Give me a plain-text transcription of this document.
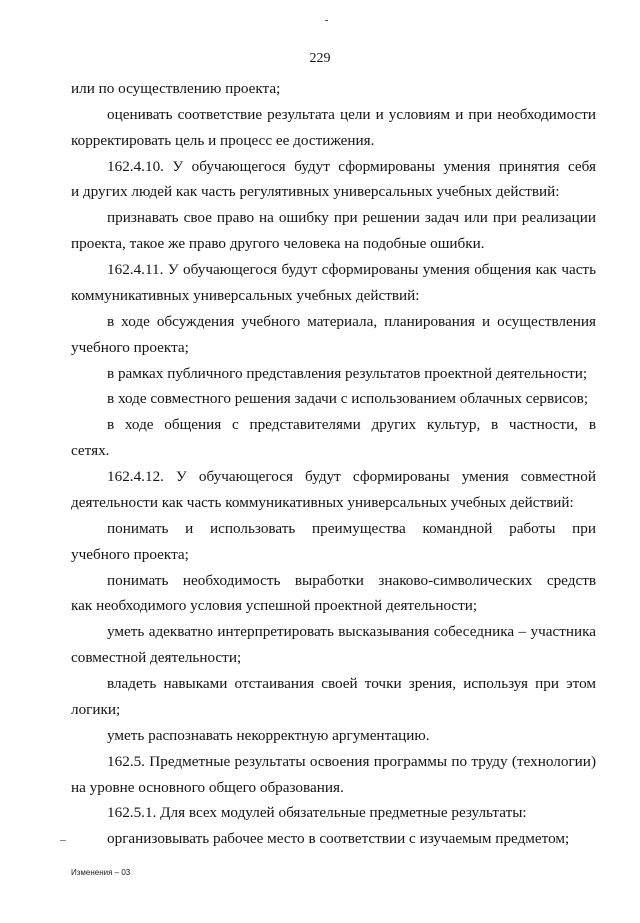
229
или по осуществлению проекта;
оценивать соответствие результата цели и условиям и при необходимости
корректировать цель и процесс ее достижения.
162.4.10. У обучающегося будут сформированы умения принятия себя
и других людей как часть регулятивных универсальных учебных действий:
признавать свое право на ошибку при решении задач или при реализации
проекта, такое же право другого человека на подобные ошибки.
162.4.11. У обучающегося будут сформированы умения общения как часть
коммуникативных универсальных учебных действий:
в ходе обсуждения учебного материала, планирования и осуществления
учебного проекта;
в рамках публичного представления результатов проектной деятельности;
в ходе совместного решения задачи с использованием облачных сервисов;
в ходе общения с представителями других культур, в частности, в
сетях.
162.4.12. У обучающегося будут сформированы умения совместной
деятельности как часть коммуникативных универсальных учебных действий:
понимать и использовать преимущества командной работы при
учебного проекта;
понимать необходимость выработки знаково-символических средств
как необходимого условия успешной проектной деятельности;
уметь адекватно интерпретировать высказывания собеседника – участника
совместной деятельности;
владеть навыками отстаивания своей точки зрения, используя при этом
логики;
уметь распознавать некорректную аргументацию.
162.5. Предметные результаты освоения программы по труду (технологии)
на уровне основного общего образования.
162.5.1. Для всех модулей обязательные предметные результаты:
организовывать рабочее место в соответствии с изучаемым предметом;
Изменения – 03
